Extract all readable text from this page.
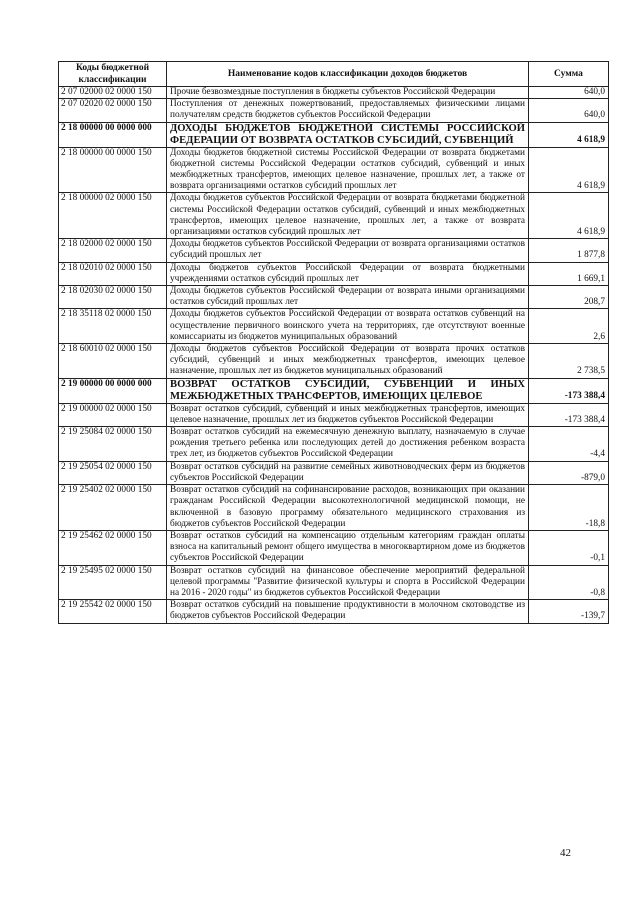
Коды бюджетной классификации	Наименование кодов классификации доходов бюджетов	Сумма
2 07 02000 02 0000 150	Прочие безвозмездные поступления в бюджеты субъектов Российской Федерации	640,0
2 07 02020 02 0000 150	Поступления от денежных пожертвований, предоставляемых физическими лицами получателям средств бюджетов субъектов Российской Федерации	640,0
2 18 00000 00 0000 000	ДОХОДЫ БЮДЖЕТОВ БЮДЖЕТНОЙ СИСТЕМЫ РОССИЙСКОЙ ФЕДЕРАЦИИ ОТ ВОЗВРАТА ОСТАТКОВ СУБСИДИЙ, СУБВЕНЦИЙ	4 618,9
2 18 00000 00 0000 150	Доходы бюджетов бюджетной системы Российской Федерации от возврата бюджетами бюджетной системы Российской Федерации остатков субсидий, субвенций и иных межбюджетных трансфертов, имеющих целевое назначение, прошлых лет, а также от возврата организациями остатков субсидий прошлых лет	4 618,9
2 18 00000 02 0000 150	Доходы бюджетов субъектов Российской Федерации от возврата бюджетами бюджетной системы Российской Федерации остатков субсидий, субвенций и иных межбюджетных трансфертов, имеющих целевое назначение, прошлых лет, а также от возврата организациями остатков субсидий прошлых лет	4 618,9
2 18 02000 02 0000 150	Доходы бюджетов субъектов Российской Федерации от возврата организациями остатков субсидий прошлых лет	1 877,8
2 18 02010 02 0000 150	Доходы бюджетов субъектов Российской Федерации от возврата бюджетными учреждениями остатков субсидий прошлых лет	1 669,1
2 18 02030 02 0000 150	Доходы бюджетов субъектов Российской Федерации от возврата иными организациями остатков субсидий прошлых лет	208,7
2 18 35118 02 0000 150	Доходы бюджетов субъектов Российской Федерации от возврата остатков субвенций на осуществление первичного воинского учета на территориях, где отсутствуют военные комиссариаты из бюджетов муниципальных образований	2,6
2 18 60010 02 0000 150	Доходы бюджетов субъектов Российской Федерации от возврата прочих остатков субсидий, субвенций и иных межбюджетных трансфертов, имеющих целевое назначение, прошлых лет из бюджетов муниципальных образований	2 738,5
2 19 00000 00 0000 000	ВОЗВРАТ ОСТАТКОВ СУБСИДИЙ, СУБВЕНЦИЙ И ИНЫХ МЕЖБЮДЖЕТНЫХ ТРАНСФЕРТОВ, ИМЕЮЩИХ ЦЕЛЕВОЕ	-173 388,4
2 19 00000 02 0000 150	Возврат остатков субсидий, субвенций и иных межбюджетных трансфертов, имеющих целевое назначение, прошлых лет из бюджетов субъектов Российской Федерации	-173 388,4
2 19 25084 02 0000 150	Возврат остатков субсидий на ежемесячную денежную выплату, назначаемую в случае рождения третьего ребенка или последующих детей до достижения ребенком возраста трех лет, из бюджетов субъектов Российской Федерации	-4,4
2 19 25054 02 0000 150	Возврат остатков субсидий на развитие семейных животноводческих ферм из бюджетов субъектов Российской Федерации	-879,0
2 19 25402 02 0000 150	Возврат остатков субсидий на софинансирование расходов, возникающих при оказании гражданам Российской Федерации высокотехнологичной медицинской помощи, не включенной в базовую программу обязательного медицинского страхования из бюджетов субъектов Российской Федерации	-18,8
2 19 25462 02 0000 150	Возврат остатков субсидий на компенсацию отдельным категориям граждан оплаты взноса на капитальный ремонт общего имущества в многоквартирном доме из бюджетов субъектов Российской Федерации	-0,1
2 19 25495 02 0000 150	Возврат остатков субсидий на финансовое обеспечение мероприятий федеральной целевой программы "Развитие физической культуры и спорта в Российской Федерации на 2016 - 2020 годы" из бюджетов субъектов Российской Федерации	-0,8
2 19 25542 02 0000 150	Возврат остатков субсидий на повышение продуктивности в молочном скотоводстве из бюджетов субъектов Российской Федерации	-139,7
42
